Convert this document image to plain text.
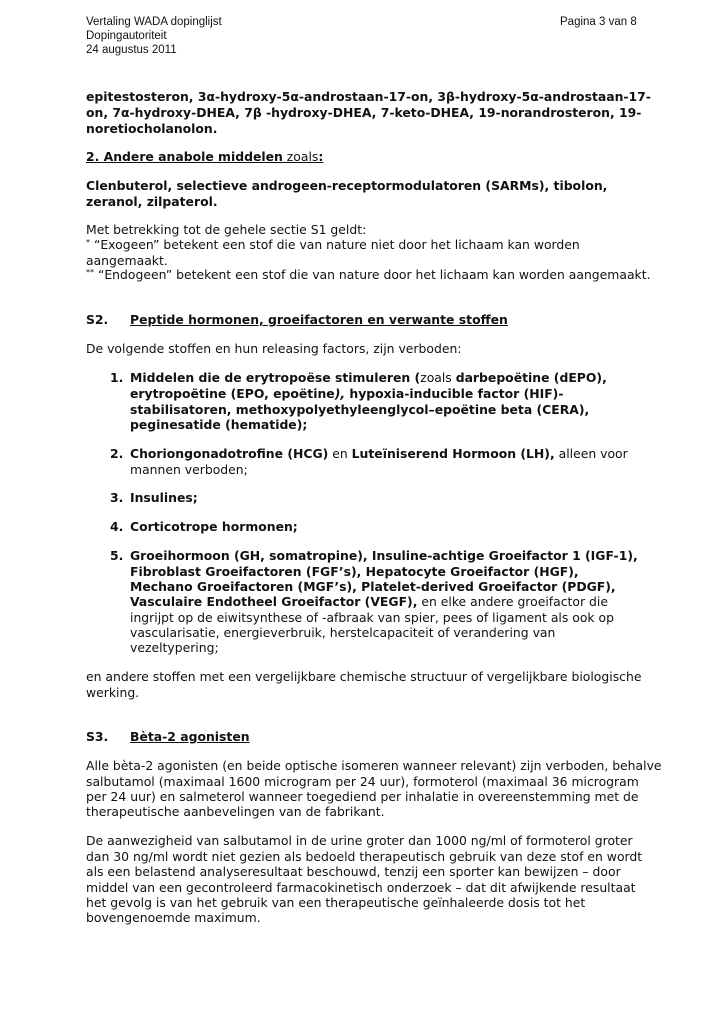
Vertaling WADA dopinglijst
Dopingautoriteit
24 augustus 2011
Pagina 3 van 8
epitestosteron, 3α-hydroxy-5α-androstaan-17-on, 3β-hydroxy-5α-androstaan-17-
on, 7α-hydroxy-DHEA, 7β -hydroxy-DHEA, 7-keto-DHEA, 19-norandrosteron, 19-
noretiocholanolon.
2. Andere anabole middelen zoals:
Clenbuterol, selectieve androgeen-receptormodulatoren (SARMs), tibolon,
zeranol, zilpaterol.
Met betrekking tot de gehele sectie S1 geldt:
* “Exogeen” betekent een stof die van nature niet door het lichaam kan worden
aangemaakt.
** “Endogeen” betekent een stof die van nature door het lichaam kan worden aangemaakt.
S2. Peptide hormonen, groeifactoren en verwante stoffen
De volgende stoffen en hun releasing factors, zijn verboden:
1. Middelen die de erytropoëse stimuleren (zoals darbepoëtine (dEPO),
erytropoëtine (EPO, epoëtine), hypoxia-inducible factor (HIF)-
stabilisatoren, methoxypolyethyleenglycol–epoëtine beta (CERA),
peginesatide (hematide);
2. Choriongonadotrofine (HCG) en Luteïniserend Hormoon (LH), alleen voor
mannen verboden;
3. Insulines;
4. Corticotrope hormonen;
5. Groeihormoon (GH, somatropine), Insuline-achtige Groeifactor 1 (IGF-1),
Fibroblast Groeifactoren (FGF’s), Hepatocyte Groeifactor (HGF),
Mechano Groeifactoren (MGF’s), Platelet-derived Groeifactor (PDGF),
Vasculaire Endotheel Groeifactor (VEGF), en elke andere groeifactor die
ingrijpt op de eiwitsynthese of -afbraak van spier, pees of ligament als ook op
vascularisatie, energieverbruik, herstelcapaciteit of verandering van
vezeltypering;
en andere stoffen met een vergelijkbare chemische structuur of vergelijkbare biologische
werking.
S3. Bèta-2 agonisten
Alle bèta-2 agonisten (en beide optische isomeren wanneer relevant) zijn verboden, behalve
salbutamol (maximaal 1600 microgram per 24 uur), formoterol (maximaal 36 microgram
per 24 uur) en salmeterol wanneer toegediend per inhalatie in overeenstemming met de
therapeutische aanbevelingen van de fabrikant.
De aanwezigheid van salbutamol in de urine groter dan 1000 ng/ml of formoterol groter
dan 30 ng/ml wordt niet gezien als bedoeld therapeutisch gebruik van deze stof en wordt
als een belastend analyseresultaat beschouwd, tenzij een sporter kan bewijzen – door
middel van een gecontroleerd farmacokinetisch onderzoek – dat dit afwijkende resultaat
het gevolg is van het gebruik van een therapeutische geïnhaleerde dosis tot het
bovengenoemde maximum.
